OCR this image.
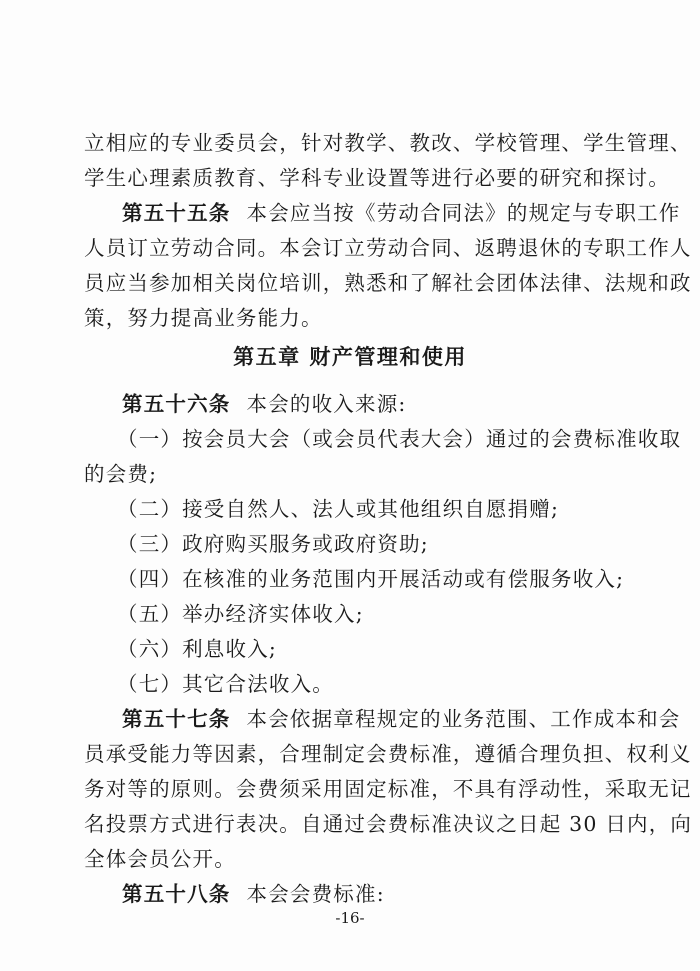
立相应的专业委员会，针对教学、教改、学校管理、学生管理、
学生心理素质教育、学科专业设置等进行必要的研究和探讨。
第五十五条 本会应当按《劳动合同法》的规定与专职工作
人员订立劳动合同。本会订立劳动合同、返聘退休的专职工作人
员应当参加相关岗位培训，熟悉和了解社会团体法律、法规和政
策，努力提高业务能力。
第五章 财产管理和使用
第五十六条 本会的收入来源:
（一）按会员大会（或会员代表大会）通过的会费标准收取
的会费;
（二）接受自然人、法人或其他组织自愿捐赠;
（三）政府购买服务或政府资助;
（四）在核准的业务范围内开展活动或有偿服务收入;
（五）举办经济实体收入;
（六）利息收入;
（七）其它合法收入。
第五十七条 本会依据章程规定的业务范围、工作成本和会
员承受能力等因素，合理制定会费标准，遵循合理负担、权利义
务对等的原则。会费须采用固定标准，不具有浮动性，采取无记
名投票方式进行表决。自通过会费标准决议之日起 30 日内，向
全体会员公开。
第五十八条 本会会费标准:
-16-
